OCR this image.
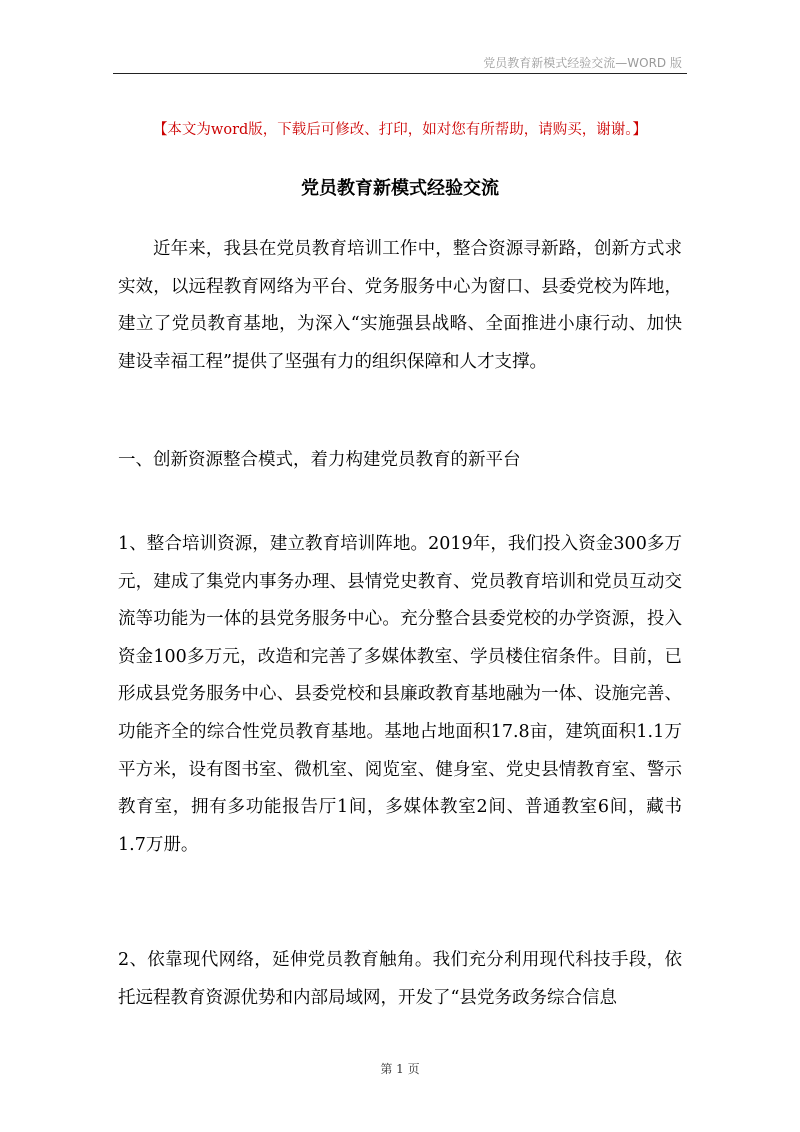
党员教育新模式经验交流—WORD 版
【本文为word版，下载后可修改、打印，如对您有所帮助，请购买，谢谢。】
党员教育新模式经验交流
近年来，我县在党员教育培训工作中，整合资源寻新路，创新方式求实效，以远程教育网络为平台、党务服务中心为窗口、县委党校为阵地，建立了党员教育基地，为深入“实施强县战略、全面推进小康行动、加快建设幸福工程”提供了坚强有力的组织保障和人才支撑。
一、创新资源整合模式，着力构建党员教育的新平台
1、整合培训资源，建立教育培训阵地。2019年，我们投入资金300多万元，建成了集党内事务办理、县情党史教育、党员教育培训和党员互动交流等功能为一体的县党务服务中心。充分整合县委党校的办学资源，投入资金100多万元，改造和完善了多媒体教室、学员楼住宿条件。目前，已形成县党务服务中心、县委党校和县廉政教育基地融为一体、设施完善、功能齐全的综合性党员教育基地。基地占地面积17.8亩，建筑面积1.1万平方米，设有图书室、微机室、阅览室、健身室、党史县情教育室、警示教育室，拥有多功能报告厅1间，多媒体教室2间、普通教室6间，藏书1.7万册。
2、依靠现代网络，延伸党员教育触角。我们充分利用现代科技手段，依托远程教育资源优势和内部局域网，开发了“县党务政务综合信息
第 1 页
